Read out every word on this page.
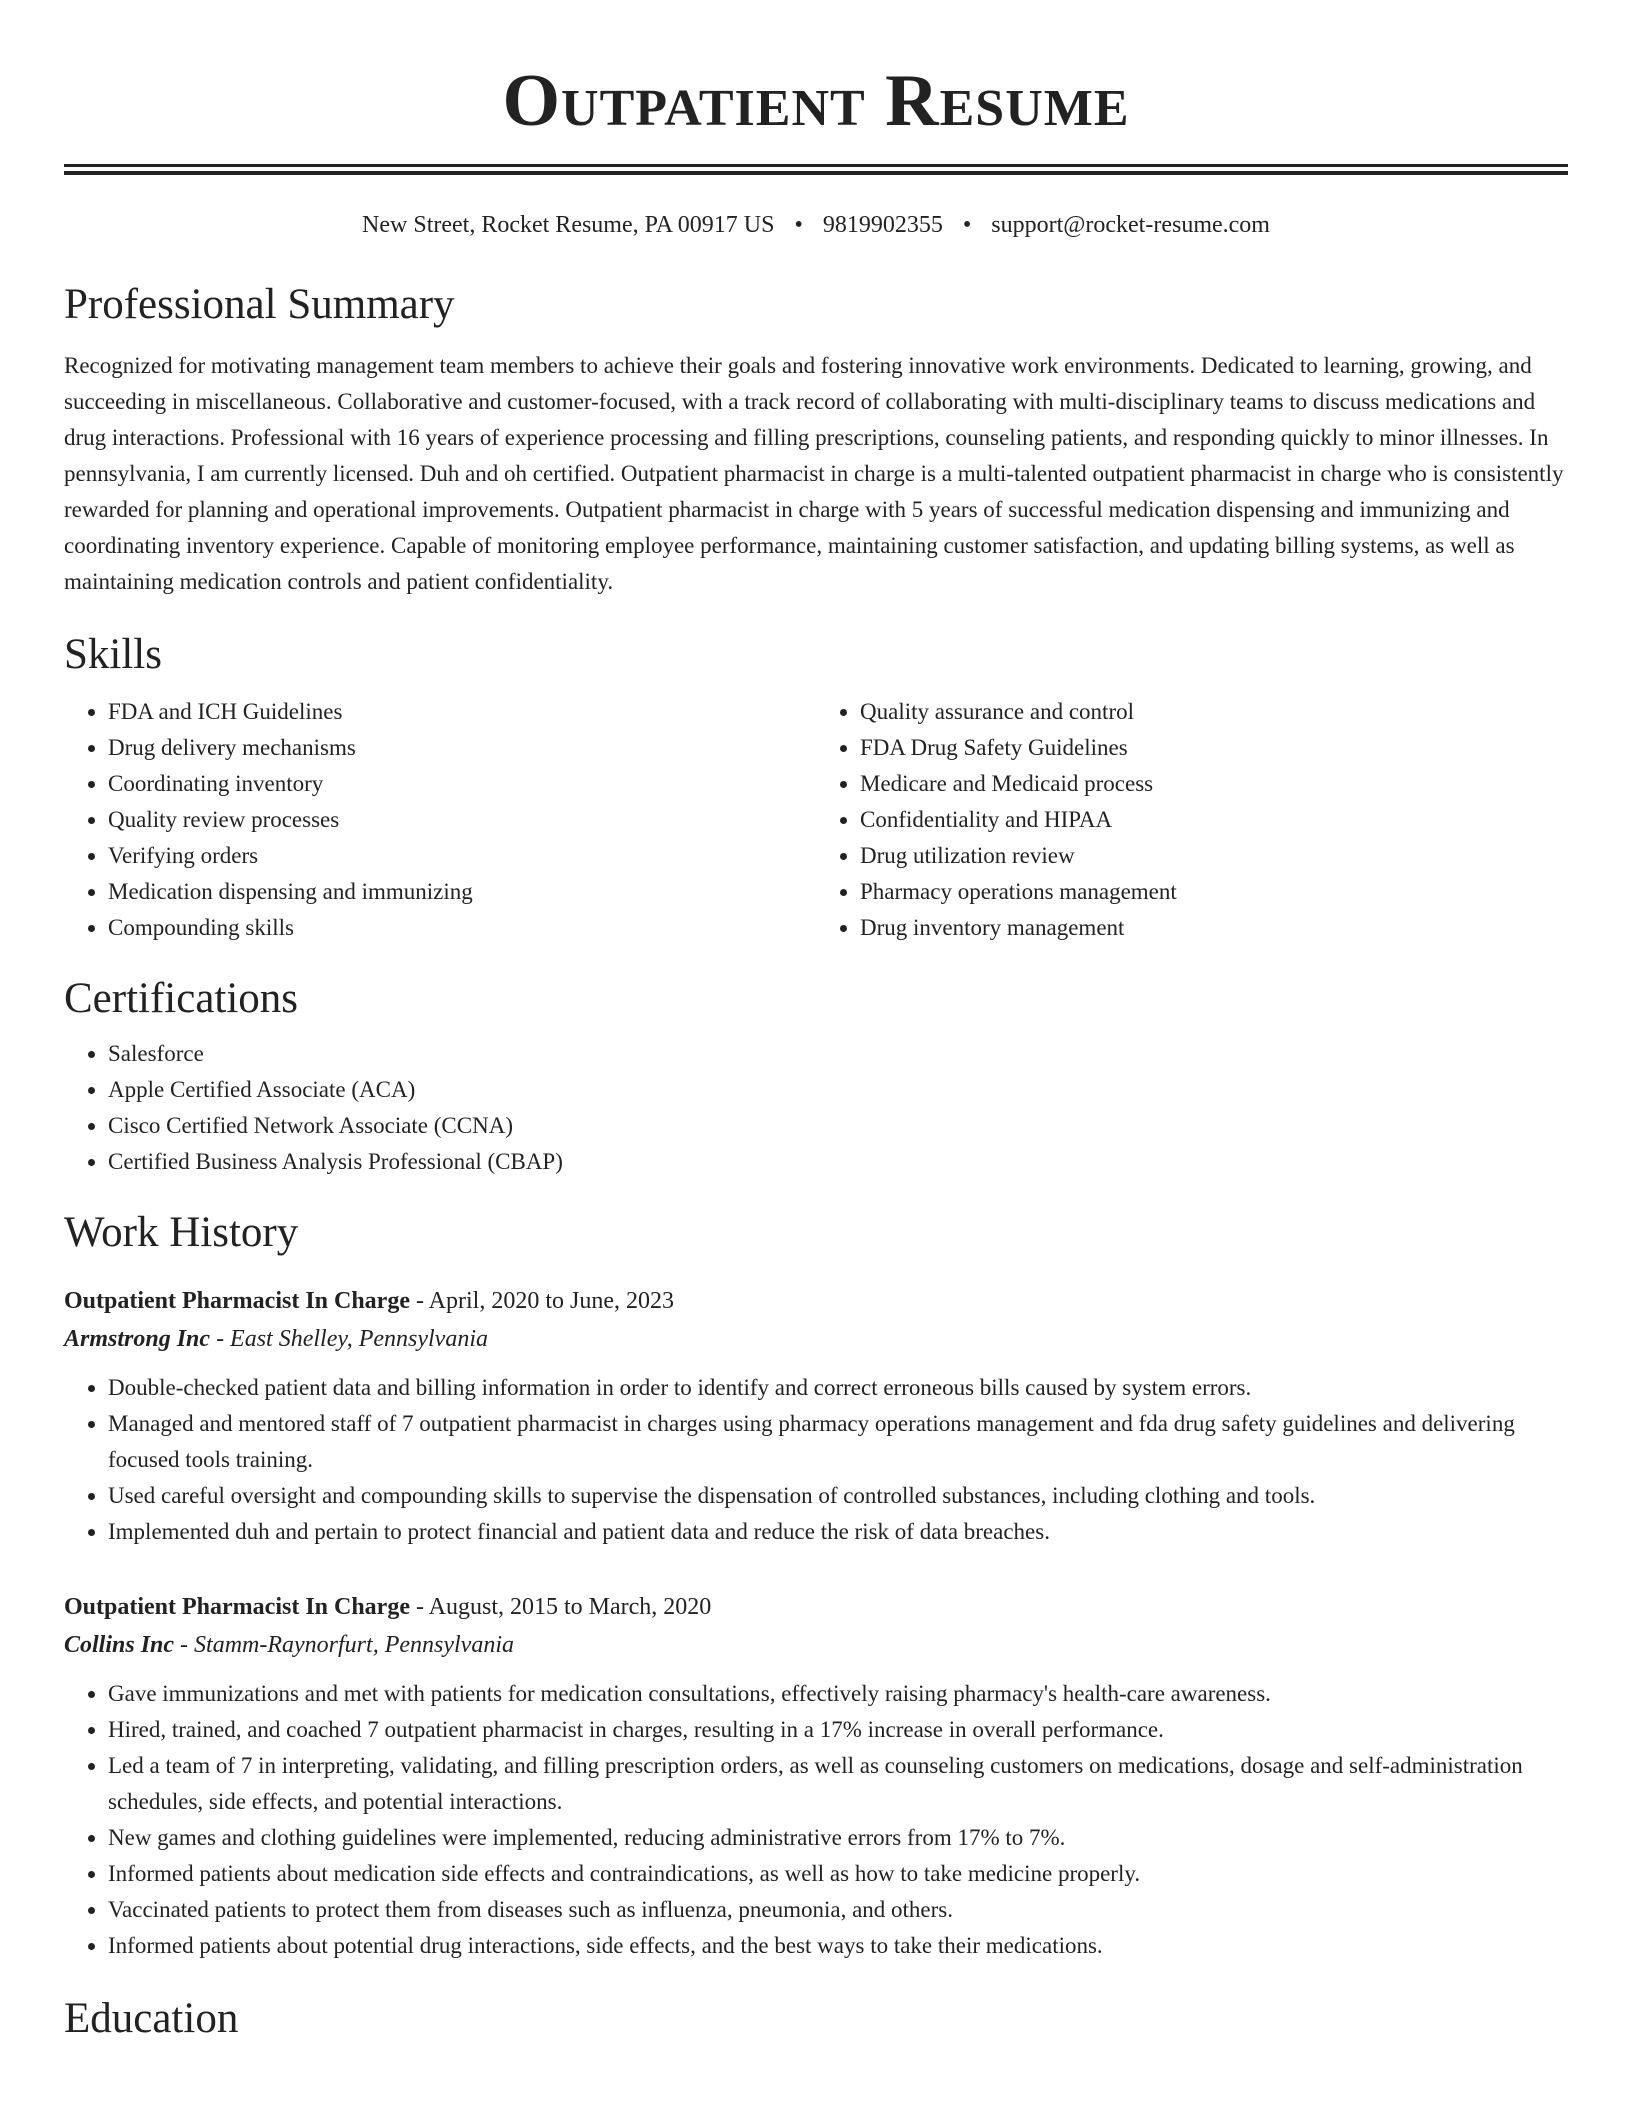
Outpatient Resume
New Street, Rocket Resume, PA 00917 US • 9819902355 • support@rocket-resume.com
Professional Summary

Recognized for motivating management team members to achieve their goals and fostering innovative work environments. Dedicated to learning, growing, and succeeding in miscellaneous. Collaborative and customer-focused, with a track record of collaborating with multi-disciplinary teams to discuss medications and drug interactions. Professional with 16 years of experience processing and filling prescriptions, counseling patients, and responding quickly to minor illnesses. In pennsylvania, I am currently licensed. Duh and oh certified. Outpatient pharmacist in charge is a multi-talented outpatient pharmacist in charge who is consistently rewarded for planning and operational improvements. Outpatient pharmacist in charge with 5 years of successful medication dispensing and immunizing and coordinating inventory experience. Capable of monitoring employee performance, maintaining customer satisfaction, and updating billing systems, as well as maintaining medication controls and patient confidentiality.

Skills
• FDA and ICH Guidelines
• Drug delivery mechanisms
• Coordinating inventory
• Quality review processes
• Verifying orders
• Medication dispensing and immunizing
• Compounding skills
• Quality assurance and control
• FDA Drug Safety Guidelines
• Medicare and Medicaid process
• Confidentiality and HIPAA
• Drug utilization review
• Pharmacy operations management
• Drug inventory management
Certifications
• Salesforce
• Apple Certified Associate (ACA)
• Cisco Certified Network Associate (CCNA)
• Certified Business Analysis Professional (CBAP)
Work History
Outpatient Pharmacist In Charge - April, 2020 to June, 2023
Armstrong Inc - East Shelley, Pennsylvania
• Double-checked patient data and billing information in order to identify and correct erroneous bills caused by system errors.
• Managed and mentored staff of 7 outpatient pharmacist in charges using pharmacy operations management and fda drug safety guidelines and delivering focused tools training.
• Used careful oversight and compounding skills to supervise the dispensation of controlled substances, including clothing and tools.
• Implemented duh and pertain to protect financial and patient data and reduce the risk of data breaches.
Outpatient Pharmacist In Charge - August, 2015 to March, 2020
Collins Inc - Stamm-Raynorfurt, Pennsylvania
• Gave immunizations and met with patients for medication consultations, effectively raising pharmacy's health-care awareness.
• Hired, trained, and coached 7 outpatient pharmacist in charges, resulting in a 17% increase in overall performance.
• Led a team of 7 in interpreting, validating, and filling prescription orders, as well as counseling customers on medications, dosage and self-administration schedules, side effects, and potential interactions.
• New games and clothing guidelines were implemented, reducing administrative errors from 17% to 7%.
• Informed patients about medication side effects and contraindications, as well as how to take medicine properly.
• Vaccinated patients to protect them from diseases such as influenza, pneumonia, and others.
• Informed patients about potential drug interactions, side effects, and the best ways to take their medications.
Education
